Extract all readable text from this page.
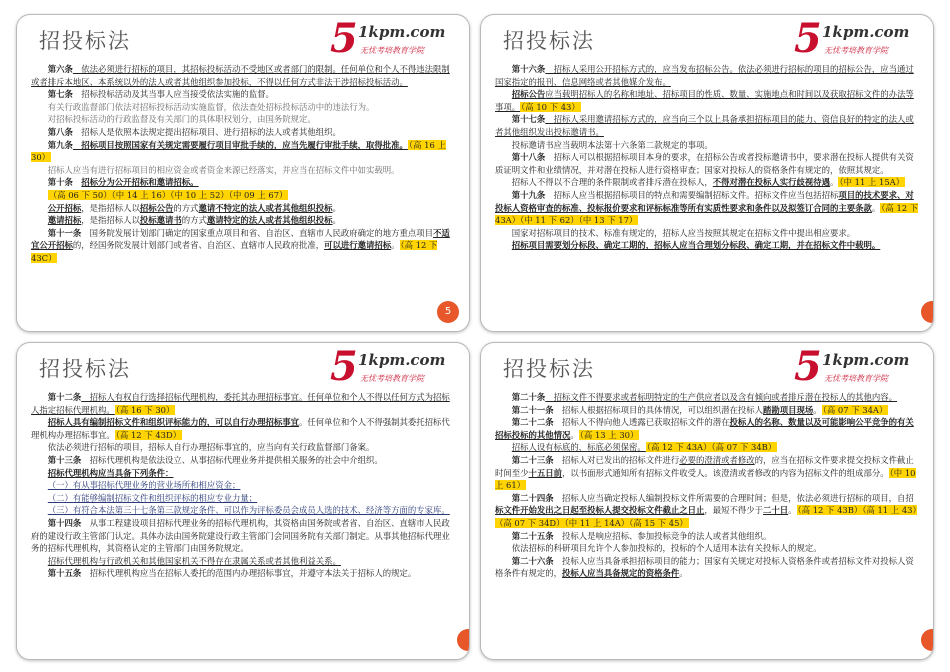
招投标法	5 1kpm.com
无忧考培教育学院

第六条　依法必须进行招标的项目，其招标投标活动不受地区或者部门的限制。任何单位和个人不得违法限制或者排斥本地区、本系统以外的法人或者其他组织参加投标，不得以任何方式非法干涉招标投标活动。

第七条　招标投标活动及其当事人应当接受依法实施的监督。

有关行政监督部门依法对招标投标活动实施监督，依法查处招标投标活动中的违法行为。

对招标投标活动的行政监督及有关部门的具体职权划分，由国务院规定。

第八条　招标人是依照本法规定提出招标项目、进行招标的法人或者其他组织。

第九条　招标项目按照国家有关规定需要履行项目审批手续的，应当先履行审批手续，取得批准。（高 16 上 30）

招标人应当有进行招标项目的相应资金或者资金来源已经落实，并应当在招标文件中如实载明。

第十条　 招标分为公开招标和邀请招标。

（高 06 下 50）（中 14 上 16）（中 10 上 52）（中 09 上 67）

公开招标，是指招标人以招标公告的方式邀请不特定的法人或者其他组织投标。

邀请招标，是指招标人以投标邀请书的方式邀请特定的法人或者其他组织投标。

第十一条　国务院发展计划部门确定的国家重点项目和省、自治区、直辖市人民政府确定的地方重点项目不适宜公开招标的，经国务院发展计划部门或者省、自治区、直辖市人民政府批准，可以进行邀请招标。（高 12 下 43C）

5
招投标法	5 1kpm.com
无忧考培教育学院

第十六条　招标人采用公开招标方式的，应当发布招标公告。依法必须进行招标的项目的招标公告，应当通过国家指定的报刊、信息网络或者其他媒介发布。

招标公告应当载明招标人的名称和地址、招标项目的性质、数量、实施地点和时间以及获取招标文件的办法等事项。（高 10 下 43）

第十七条　招标人采用邀请招标方式的，应当向三个以上具备承担招标项目的能力、资信良好的特定的法人或者其他组织发出投标邀请书。

投标邀请书应当载明本法第十六条第二款规定的事项。

第十八条　招标人可以根据招标项目本身的要求，在招标公告或者投标邀请书中，要求潜在投标人提供有关资质证明文件和业绩情况，并对潜在投标人进行资格审查；国家对投标人的资格条件有规定的，依照其规定。

招标人不得以不合理的条件限制或者排斥潜在投标人，不得对潜在投标人实行歧视待遇。（中 11 上 15A）

第十九条　招标人应当根据招标项目的特点和需要编制招标文件。招标文件应当包括招标项目的技术要求、对投标人资格审查的标准、投标报价要求和评标标准等所有实质性要求和条件以及拟签订合同的主要条款。（高 12 下 43A）（中 11 下 62）（中 13 下 17）

国家对招标项目的技术、标准有规定的，招标人应当按照其规定在招标文件中提出相应要求。

招标项目需要划分标段、确定工期的，招标人应当合理划分标段、确定工期，并在招标文件中载明。

招投标法	5 1kpm.com
无忧考培教育学院

第十二条　招标人有权自行选择招标代理机构，委托其办理招标事宜。任何单位和个人不得以任何方式为招标人指定招标代理机构。（高 16 下 30）

招标人具有编制招标文件和组织评标能力的，可以自行办理招标事宜。任何单位和个人不得强制其委托招标代理机构办理招标事宜。（高 12 下 43D）

依法必须进行招标的项目，招标人自行办理招标事宜的，应当向有关行政监督部门备案。

第十三条　招标代理机构是依法设立、从事招标代理业务并提供相关服务的社会中介组织。

招标代理机构应当具备下列条件：

（一）有从事招标代理业务的营业场所和相应资金；

（二）有能够编制招标文件和组织评标的相应专业力量；

（三）有符合本法第三十七条第三款规定条件、可以作为评标委员会成员人选的技术、经济等方面的专家库。

第十四条　从事工程建设项目招标代理业务的招标代理机构，其资格由国务院或者省、自治区、直辖市人民政府的建设行政主管部门认定。具体办法由国务院建设行政主管部门会同国务院有关部门制定。从事其他招标代理业务的招标代理机构，其资格认定的主管部门由国务院规定。

招标代理机构与行政机关和其他国家机关不得存在隶属关系或者其他利益关系。

第十五条　招标代理机构应当在招标人委托的范围内办理招标事宜，并遵守本法关于招标人的规定。

招投标法	5 1kpm.com
无忧考培教育学院

第二十条　招标文件不得要求或者标明特定的生产供应者以及含有倾向或者排斥潜在投标人的其他内容。

第二十一条　招标人根据招标项目的具体情况，可以组织潜在投标人踏勘项目现场。（高 07 下 34A）

第二十二条　招标人不得向他人透露已获取招标文件的潜在投标人的名称、数量以及可能影响公平竞争的有关招标投标的其他情况。（高 13 上 30）

招标人设有标底的，标底必须保密。（高 12 下 43A）（高 07 下 34B）

第二十三条　招标人对已发出的招标文件进行必要的澄清或者修改的，应当在招标文件要求提交投标文件截止时间至少十五日前，以书面形式通知所有招标文件收受人。该澄清或者修改的内容为招标文件的组成部分。（中 10 上 61）

第二十四条　招标人应当确定投标人编制投标文件所需要的合理时间；但是，依法必须进行招标的项目，自招标文件开始发出之日起至投标人提交投标文件截止之日止，最短不得少于二十日。（高 12 下 43B）（高 11 上 43）（高 07 下 34D）（中 11 上 14A）（高 15 下 45）

第二十五条　投标人是响应招标、参加投标竞争的法人或者其他组织。

依法招标的科研项目允许个人参加投标的，投标的个人适用本法有关投标人的规定。

第二十六条　投标人应当具备承担招标项目的能力；国家有关规定对投标人资格条件或者招标文件对投标人资格条件有规定的，投标人应当具备规定的资格条件。
